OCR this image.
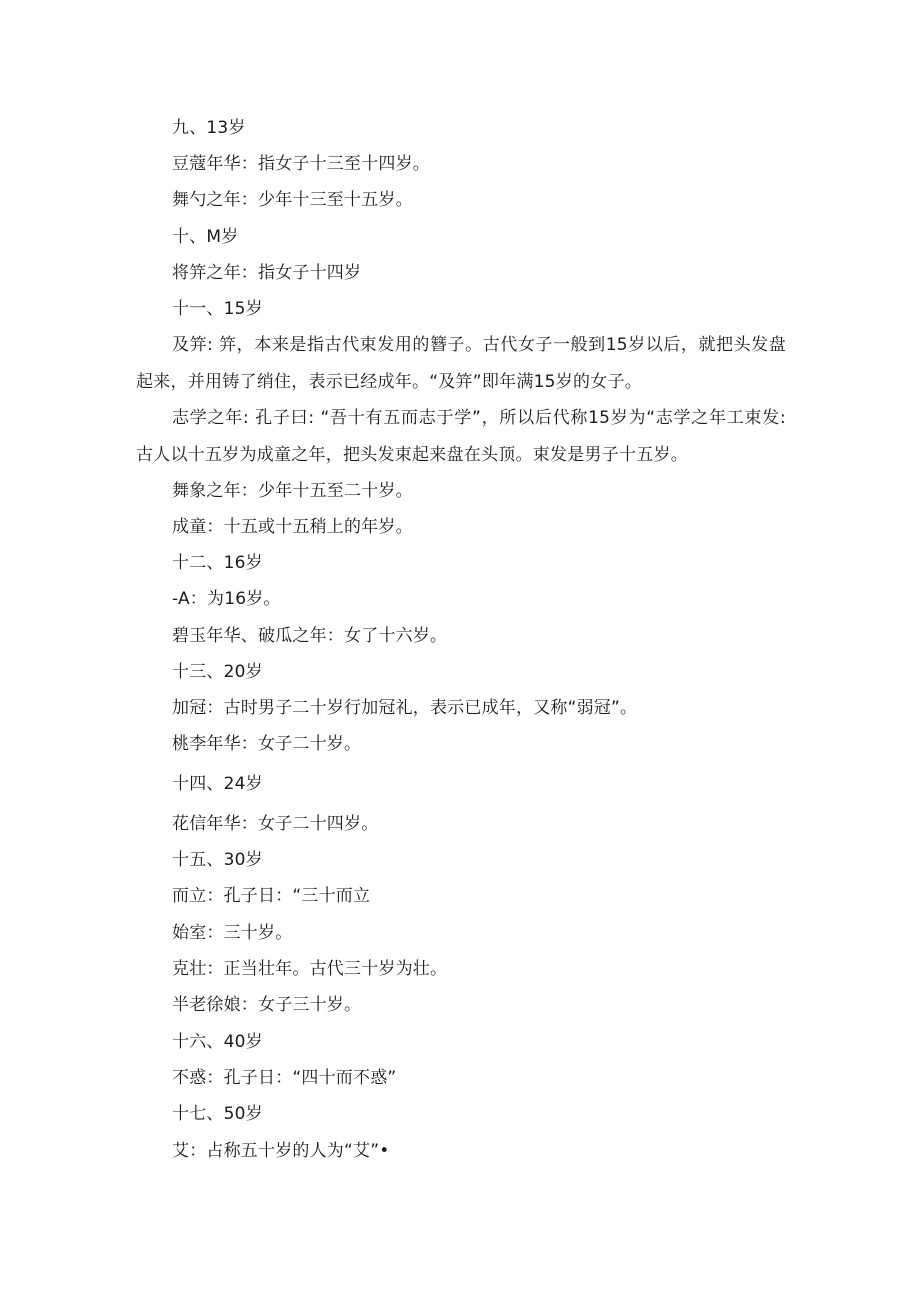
九、13岁
豆蔻年华：指女子十三至十四岁。
舞勺之年：少年十三至十五岁。
十、M岁
将笄之年：指女子十四岁
十一、15岁
及笄: 笄，本来是指古代束发用的簪子。古代女子一般到15岁以后，就把头发盘起来，并用铸了绡住，表示已经成年。“及笄”即年满15岁的女子。
志学之年: 孔子曰: “吾十有五而志于学”，所以后代称15岁为“志学之年工束发: 古人以十五岁为成童之年，把头发束起来盘在头顶。束发是男子十五岁。
舞象之年：少年十五至二十岁。
成童：十五或十五稍上的年岁。
十二、16岁
-A：为16岁。
碧玉年华、破瓜之年：女了十六岁。
十三、20岁
加冠：古时男子二十岁行加冠礼，表示已成年，又称“弱冠”。
桃李年华：女子二十岁。
十四、24岁
花信年华：女子二十四岁。
十五、30岁
而立：孔子日：“三十而立
始室：三十岁。
克壮：正当壮年。古代三十岁为壮。
半老徐娘：女子三十岁。
十六、40岁
不惑：孔子日：“四十而不惑”
十七、50岁
艾：占称五十岁的人为“艾”•
